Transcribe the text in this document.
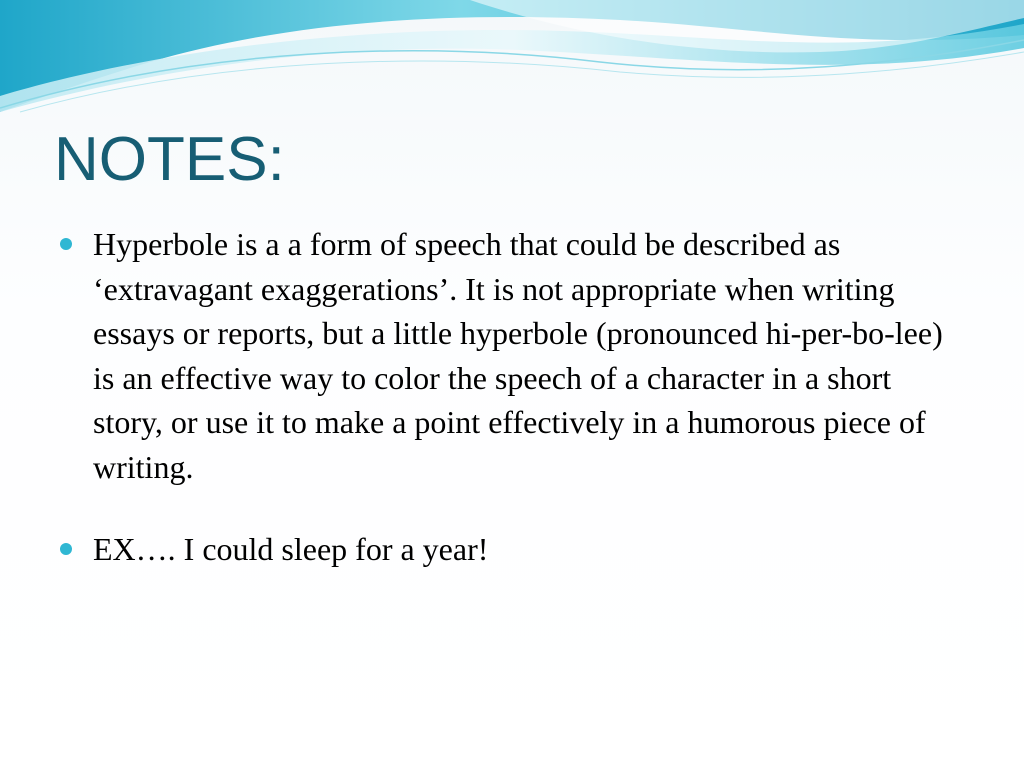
NOTES:
Hyperbole is a a form of speech that could be described as ‘extravagant exaggerations’. It is not appropriate when writing essays or reports, but a little hyperbole (pronounced hi-per-bo-lee) is an effective way to color the speech of a character in a short story, or use it to make a point effectively in a humorous piece of writing.
EX…. I could sleep for a year!
